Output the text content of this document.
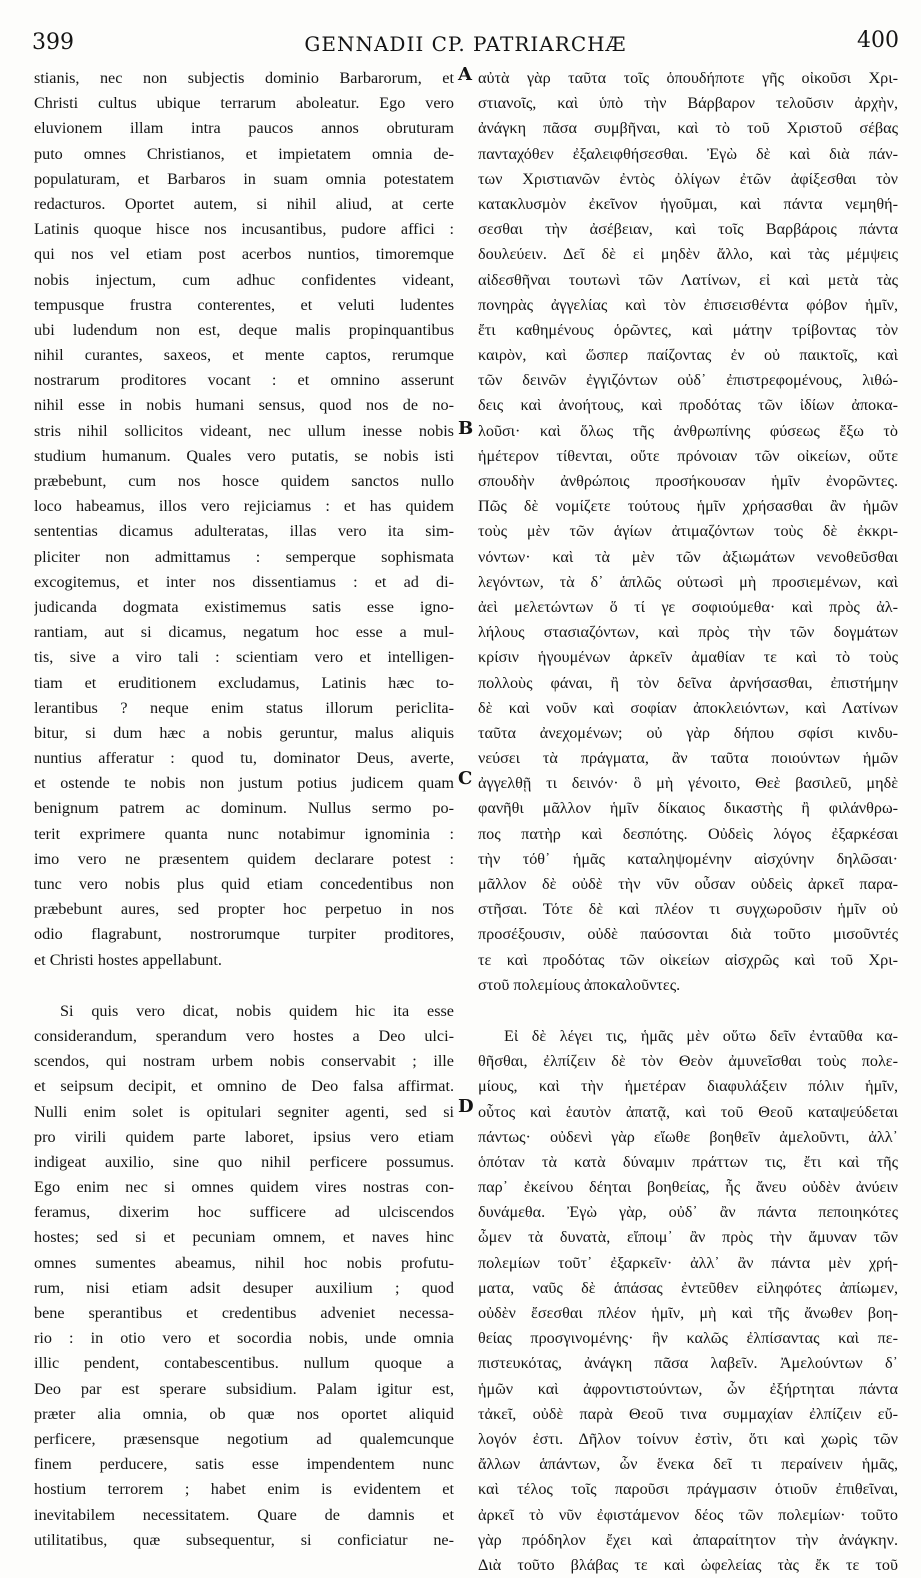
399	GENNADII CP. PATRIARCHÆ	400
A
B
C
D
stianis, nec non subjectis dominio Barbarorum, et
Christi cultus ubique terrarum aboleatur. Ego vero
eluvionem illam intra paucos annos obruturam
puto omnes Christianos, et impietatem omnia de-
populaturam, et Barbaros in suam omnia potestatem
redacturos. Oportet autem, si nihil aliud, at certe
Latinis quoque hisce nos incusantibus, pudore affici :
qui nos vel etiam post acerbos nuntios, timoremque
nobis injectum, cum adhuc confidentes videant,
tempusque frustra conterentes, et veluti ludentes
ubi ludendum non est, deque malis propinquantibus
nihil curantes, saxeos, et mente captos, rerumque
nostrarum proditores vocant : et omnino asserunt
nihil esse in nobis humani sensus, quod nos de no-
stris nihil sollicitos videant, nec ullum inesse nobis
studium humanum. Quales vero putatis, se nobis isti
præbebunt, cum nos hosce quidem sanctos nullo
loco habeamus, illos vero rejiciamus : et has quidem
sententias dicamus adulteratas, illas vero ita sim-
pliciter non admittamus : semperque sophismata
excogitemus, et inter nos dissentiamus : et ad di-
judicanda dogmata existimemus satis esse igno-
rantiam, aut si dicamus, negatum hoc esse a mul-
tis, sive a viro tali : scientiam vero et intelligen-
tiam et eruditionem excludamus, Latinis hæc to-
lerantibus ? neque enim status illorum periclita-
bitur, si dum hæc a nobis geruntur, malus aliquis
nuntius afferatur : quod tu, dominator Deus, averte,
et ostende te nobis non justum potius judicem quam
benignum patrem ac dominum. Nullus sermo po-
terit exprimere quanta nunc notabimur ignominia :
imo vero ne præsentem quidem declarare potest :
tunc vero nobis plus quid etiam concedentibus non
præbebunt aures, sed propter hoc perpetuo in nos
odio flagrabunt, nostrorumque turpiter proditores,
et Christi hostes appellabunt.
Si quis vero dicat, nobis quidem hic ita esse
considerandum, sperandum vero hostes a Deo ulci-
scendos, qui nostram urbem nobis conservabit ; ille
et seipsum decipit, et omnino de Deo falsa affirmat.
Nulli enim solet is opitulari segniter agenti, sed si
pro virili quidem parte laboret, ipsius vero etiam
indigeat auxilio, sine quo nihil perficere possumus.
Ego enim nec si omnes quidem vires nostras con-
feramus, dixerim hoc sufficere ad ulciscendos
hostes; sed si et pecuniam omnem, et naves hinc
omnes sumentes abeamus, nihil hoc nobis profutu-
rum, nisi etiam adsit desuper auxilium ; quod
bene sperantibus et credentibus adveniet necessa-
rio : in otio vero et socordia nobis, unde omnia
illic pendent, contabescentibus. nullum quoque a
Deo par est sperare subsidium. Palam igitur est,
præter alia omnia, ob quæ nos oportet aliquid
perficere, præsensque negotium ad qualemcunque
finem perducere, satis esse impendentem nunc
hostium terrorem ; habet enim is evidentem et
inevitabilem necessitatem. Quare de damnis et
utilitatibus, quæ subsequentur, si conficiatur ne-
αὐτὰ γὰρ ταῦτα τοῖς ὁπουδήποτε γῆς οἰκοῦσι Χρι-
στιανοῖς, καὶ ὑπὸ τὴν Βάρβαρον τελοῦσιν ἀρχὴν,
ἀνάγκη πᾶσα συμβῆναι, καὶ τὸ τοῦ Χριστοῦ σέβας
πανταχόθεν ἐξαλειφθήσεσθαι. Ἐγὼ δὲ καὶ διὰ πάν-
των Χριστιανῶν ἐντὸς ὀλίγων ἐτῶν ἀφίξεσθαι τὸν
κατακλυσμὸν ἐκεῖνον ἡγοῦμαι, καὶ πάντα νεμηθή-
σεσθαι τὴν ἀσέβειαν, καὶ τοῖς Βαρβάροις πάντα
δουλεύειν. Δεῖ δὲ εἰ μηδὲν ἄλλο, καὶ τὰς μέμψεις
αἰδεσθῆναι τουτωνὶ τῶν Λατίνων, εἰ καὶ μετὰ τὰς
πονηρὰς ἀγγελίας καὶ τὸν ἐπισεισθέντα φόβον ἡμῖν,
ἔτι καθημένους ὁρῶντες, καὶ μάτην τρίβοντας τὸν
καιρὸν, καὶ ὥσπερ παίζοντας ἐν οὐ παικτοῖς, καὶ
τῶν δεινῶν ἐγγιζόντων οὐδ᾽ ἐπιστρεφομένους, λιθώ-
δεις καὶ ἀνοήτους, καὶ προδότας τῶν ἰδίων ἀποκα-
λοῦσι· καὶ ὅλως τῆς ἀνθρωπίνης φύσεως ἔξω τὸ
ἡμέτερον τίθενται, οὔτε πρόνοιαν τῶν οἰκείων, οὔτε
σπουδὴν ἀνθρώποις προσήκουσαν ἡμῖν ἐνορῶντες.
Πῶς δὲ νομίζετε τούτους ἡμῖν χρήσασθαι ἂν ἡμῶν
τοὺς μὲν τῶν ἁγίων ἀτιμαζόντων τοὺς δὲ ἐκκρι-
νόντων· καὶ τὰ μὲν τῶν ἀξιωμάτων νενοθεῦσθαι
λεγόντων, τὰ δ᾽ ἁπλῶς οὑτωσὶ μὴ προσιεμένων, καὶ
ἀεὶ μελετώντων ὅ τί γε σοφιούμεθα· καὶ πρὸς ἀλ-
λήλους στασιαζόντων, καὶ πρὸς τὴν τῶν δογμάτων
κρίσιν ἡγουμένων ἀρκεῖν ἀμαθίαν τε καὶ τὸ τοὺς
πολλοὺς φάναι, ἢ τὸν δεῖνα ἀρνήσασθαι, ἐπιστήμην
δὲ καὶ νοῦν καὶ σοφίαν ἀποκλειόντων, καὶ Λατίνων
ταῦτα ἀνεχομένων; οὐ γὰρ δήπου σφίσι κινδυ-
νεύσει τὰ πράγματα, ἂν ταῦτα ποιούντων ἡμῶν
ἀγγελθῇ τι δεινόν· ὃ μὴ γένοιτο, Θεὲ βασιλεῦ, μηδὲ
φανῆθι μᾶλλον ἡμῖν δίκαιος δικαστὴς ἢ φιλάνθρω-
πος πατὴρ καὶ δεσπότης. Οὐδεὶς λόγος ἐξαρκέσαι
τὴν τόθ᾽ ἡμᾶς καταληψομένην αἰσχύνην δηλῶσαι·
μᾶλλον δὲ οὐδὲ τὴν νῦν οὖσαν οὐδεὶς ἀρκεῖ παρα-
στῆσαι. Τότε δὲ καὶ πλέον τι συγχωροῦσιν ἡμῖν οὐ
προσέξουσιν, οὐδὲ παύσονται διὰ τοῦτο μισοῦντές
τε καὶ προδότας τῶν οἰκείων αἰσχρῶς καὶ τοῦ Χρι-
στοῦ πολεμίους ἀποκαλοῦντες.
Εἰ δὲ λέγει τις, ἡμᾶς μὲν οὕτω δεῖν ἐνταῦθα κα-
θῆσθαι, ἐλπίζειν δὲ τὸν Θεὸν ἀμυνεῖσθαι τοὺς πολε-
μίους, καὶ τὴν ἡμετέραν διαφυλάξειν πόλιν ἡμῖν,
οὗτος καὶ ἑαυτὸν ἀπατᾷ, καὶ τοῦ Θεοῦ καταψεύδεται
πάντως· οὐδενὶ γὰρ εἴωθε βοηθεῖν ἀμελοῦντι, ἀλλ᾽
ὁπόταν τὰ κατὰ δύναμιν πράττων τις, ἔτι καὶ τῆς
παρ᾽ ἐκείνου δέηται βοηθείας, ἧς ἄνευ οὐδὲν ἀνύειν
δυνάμεθα. Ἐγὼ γὰρ, οὐδ᾽ ἂν πάντα πεποιηκότες
ὦμεν τὰ δυνατὰ, εἴποιμ᾽ ἂν πρὸς τὴν ἄμυναν τῶν
πολεμίων τοῦτ᾽ ἐξαρκεῖν· ἀλλ᾽ ἂν πάντα μὲν χρή-
ματα, ναῦς δὲ ἁπάσας ἐντεῦθεν εἰληφότες ἀπίωμεν,
οὐδὲν ἔσεσθαι πλέον ἡμῖν, μὴ καὶ τῆς ἄνωθεν βοη-
θείας προσγινομένης· ἣν καλῶς ἐλπίσαντας καὶ πε-
πιστευκότας, ἀνάγκη πᾶσα λαβεῖν. Ἀμελούντων δ᾽
ἡμῶν καὶ ἀφροντιστούντων, ὧν ἐξήρτηται πάντα
τἀκεῖ, οὐδὲ παρὰ Θεοῦ τινα συμμαχίαν ἐλπίζειν εὔ-
λογόν ἐστι. Δῆλον τοίνυν ἐστὶν, ὅτι καὶ χωρὶς τῶν
ἄλλων ἁπάντων, ὧν ἕνεκα δεῖ τι περαίνειν ἡμᾶς,
καὶ τέλος τοῖς παροῦσι πράγμασιν ὁτιοῦν ἐπιθεῖναι,
ἀρκεῖ τὸ νῦν ἐφιστάμενον δέος τῶν πολεμίων· τοῦτο
γὰρ πρόδηλον ἔχει καὶ ἀπαραίτητον τὴν ἀνάγκην.
Διὰ τοῦτο βλάβας τε καὶ ὠφελείας τὰς ἔκ τε τοῦ
